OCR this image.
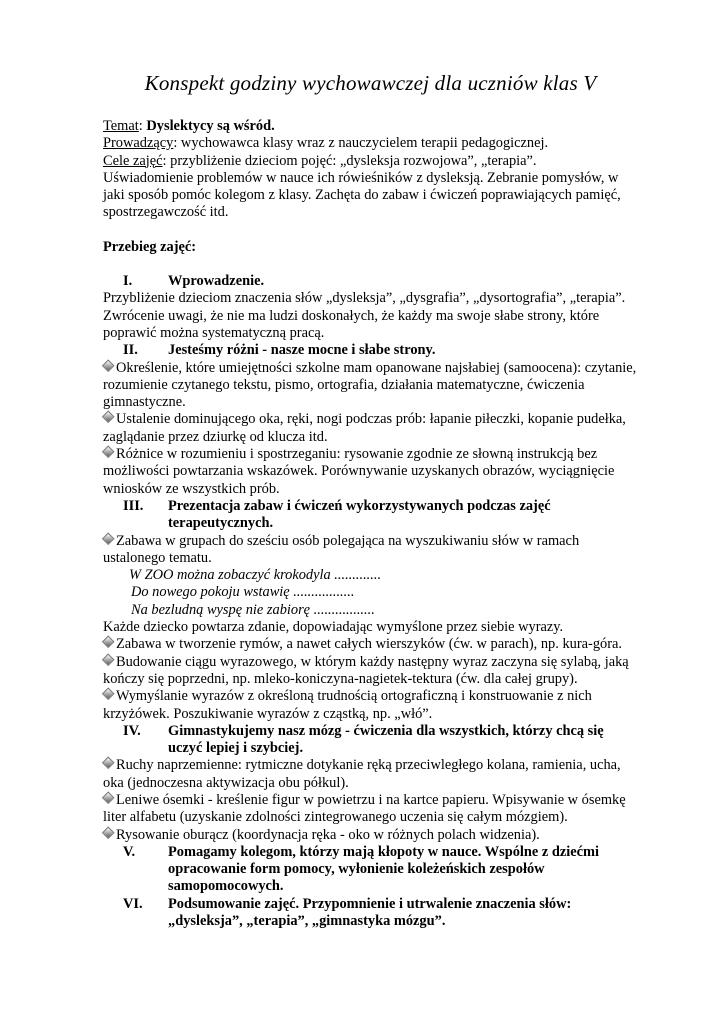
Konspekt godziny wychowawczej dla uczniów klas V

Temat: Dyslektycy są wśród.

Prowadzący: wychowawca klasy wraz z nauczycielem terapii pedagogicznej.

Cele zajęć: przybliżenie dzieciom pojęć: „dysleksja rozwojowa”, „terapia”.

Uświadomienie problemów w nauce ich rówieśników z dysleksją. Zebranie pomysłów, w jaki sposób pomóc kolegom z klasy. Zachęta do zabaw i ćwiczeń poprawiających pamięć, spostrzegawczość itd.

Przebieg zajęć:

I.	Wprowadzenie.

Przybliżenie dzieciom znaczenia słów „dysleksja”, „dysgrafia”, „dysortografia”, „terapia”. Zwrócenie uwagi, że nie ma ludzi doskonałych, że każdy ma swoje słabe strony, które poprawić można systematyczną pracą.

II.	Jesteśmy różni - nasze mocne i słabe strony.

Określenie, które umiejętności szkolne mam opanowane najsłabiej (samoocena): czytanie, rozumienie czytanego tekstu, pismo, ortografia, działania matematyczne, ćwiczenia gimnastyczne.

Ustalenie dominującego oka, ręki, nogi podczas prób: łapanie piłeczki, kopanie pudełka, zaglądanie przez dziurkę od klucza itd.

Różnice w rozumieniu i spostrzeganiu: rysowanie zgodnie ze słowną instrukcją bez możliwości powtarzania wskazówek. Porównywanie uzyskanych obrazów, wyciągnięcie wniosków ze wszystkich prób.

III.	Prezentacja zabaw i ćwiczeń wykorzystywanych podczas zajęć terapeutycznych.

Zabawa w grupach do sześciu osób polegająca na wyszukiwaniu słów w ramach ustalonego tematu.

W ZOO można zobaczyć krokodyla .............

Do nowego pokoju wstawię .................

Na bezludną wyspę nie zabiorę .................

Każde dziecko powtarza zdanie, dopowiadając wymyślone przez siebie wyrazy.

Zabawa w tworzenie rymów, a nawet całych wierszyków (ćw. w parach), np. kura-góra.

Budowanie ciągu wyrazowego, w którym każdy następny wyraz zaczyna się sylabą, jaką kończy się poprzedni, np. mleko-koniczyna-nagietek-tektura (ćw. dla całej grupy).

Wymyślanie wyrazów z określoną trudnością ortograficzną i konstruowanie z nich krzyżówek. Poszukiwanie wyrazów z cząstką, np. „włó”.

IV.	Gimnastykujemy nasz mózg - ćwiczenia dla wszystkich, którzy chcą się uczyć lepiej i szybciej.

Ruchy naprzemienne: rytmiczne dotykanie ręką przeciwległego kolana, ramienia, ucha, oka (jednoczesna aktywizacja obu półkul).

Leniwe ósemki - kreślenie figur w powietrzu i na kartce papieru. Wpisywanie w ósemkę liter alfabetu (uzyskanie zdolności zintegrowanego uczenia się całym mózgiem).

Rysowanie oburącz (koordynacja ręka - oko w różnych polach widzenia).

V.	Pomagamy kolegom, którzy mają kłopoty w nauce. Wspólne z dziećmi opracowanie form pomocy, wyłonienie koleżeńskich zespołów samopomocowych.
VI.	Podsumowanie zajęć. Przypomnienie i utrwalenie znaczenia słów: „dysleksja”, „terapia”, „gimnastyka mózgu”.
